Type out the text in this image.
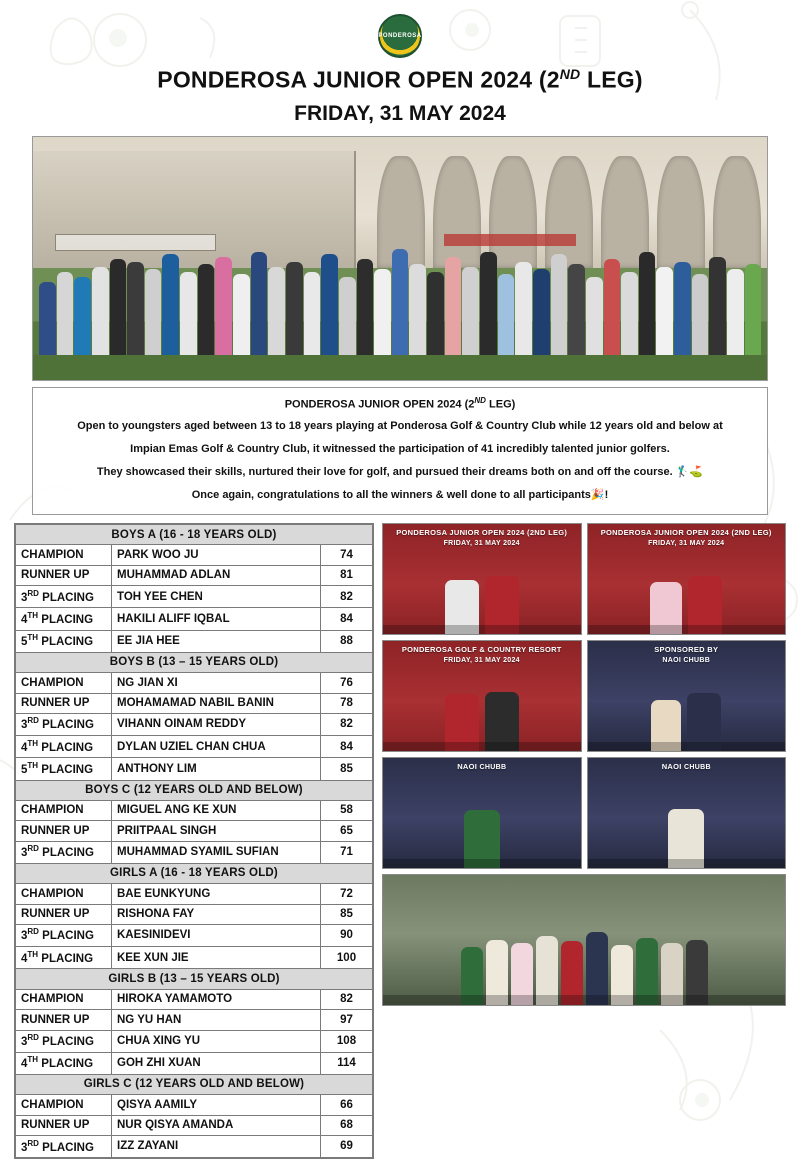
PONDEROSA
PONDEROSA JUNIOR OPEN 2024 (2ND LEG)
FRIDAY, 31 MAY 2024
PONDEROSA JUNIOR OPEN 2024 (2ND LEG)

Open to youngsters aged between 13 to 18 years playing at Ponderosa Golf & Country Club while 12 years old and below at

Impian Emas Golf & Country Club, it witnessed the participation of 41 incredibly talented junior golfers.

They showcased their skills, nurtured their love for golf, and pursued their dreams both on and off the course. 🏌️‍♂️⛳

Once again, congratulations to all the winners & well done to all participants🎉!

BOYS A (16 - 18 YEARS OLD)		
CHAMPION	PARK WOO JU	74
RUNNER UP	MUHAMMAD ADLAN	81
3RD PLACING	TOH YEE CHEN	82
4TH PLACING	HAKILI ALIFF IQBAL	84
5TH PLACING	EE JIA HEE	88
BOYS B (13 – 15 YEARS OLD)		
CHAMPION	NG JIAN XI	76
RUNNER UP	MOHAMAMAD NABIL BANIN	78
3RD PLACING	VIHANN OINAM REDDY	82
4TH PLACING	DYLAN UZIEL CHAN CHUA	84
5TH PLACING	ANTHONY LIM	85
BOYS C (12 YEARS OLD AND BELOW)		
CHAMPION	MIGUEL ANG KE XUN	58
RUNNER UP	PRIITPAAL SINGH	65
3RD PLACING	MUHAMMAD SYAMIL SUFIAN	71
GIRLS A (16 - 18 YEARS OLD)		
CHAMPION	BAE EUNKYUNG	72
RUNNER UP	RISHONA FAY	85
3RD PLACING	KAESINIDEVI	90
4TH PLACING	KEE XUN JIE	100
GIRLS B (13 – 15 YEARS OLD)		
CHAMPION	HIROKA YAMAMOTO	82
RUNNER UP	NG YU HAN	97
3RD PLACING	CHUA XING YU	108
4TH PLACING	GOH ZHI XUAN	114
GIRLS C (12 YEARS OLD AND BELOW)		
CHAMPION	QISYA AAMILY	66
RUNNER UP	NUR QISYA AMANDA	68
3RD PLACING	IZZ ZAYANI	69
PONDEROSA JUNIOR OPEN 2024 (2ND LEG)
FRIDAY, 31 MAY 2024
PONDEROSA JUNIOR OPEN 2024 (2ND LEG)
FRIDAY, 31 MAY 2024
PONDEROSA GOLF & COUNTRY RESORT
FRIDAY, 31 MAY 2024
SPONSORED BY
NAOI CHUBB
NAOI CHUBB	NAOI CHUBB
